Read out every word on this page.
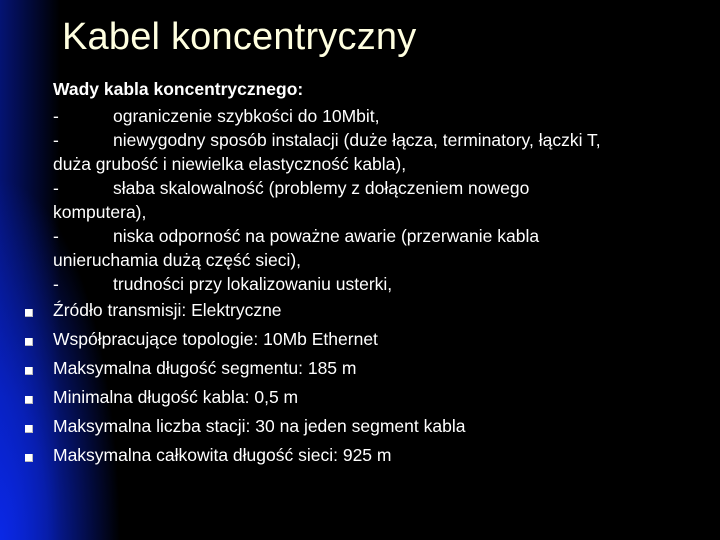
Kabel koncentryczny
Wady kabla koncentrycznego:
-	ograniczenie szybkości do 10Mbit,
-	niewygodny sposób instalacji (duże łącza, terminatory, łączki T,
duża grubość i niewielka elastyczność kabla),
-	słaba skalowalność (problemy z dołączeniem nowego
komputera),
-	niska odporność na poważne awarie (przerwanie kabla
unieruchamia dużą część sieci),
-	trudności przy lokalizowaniu usterki,
Źródło transmisji: Elektryczne
Współpracujące topologie: 10Mb Ethernet
Maksymalna długość segmentu: 185 m
Minimalna długość kabla: 0,5 m
Maksymalna liczba stacji: 30 na jeden segment kabla
Maksymalna całkowita długość sieci: 925 m
